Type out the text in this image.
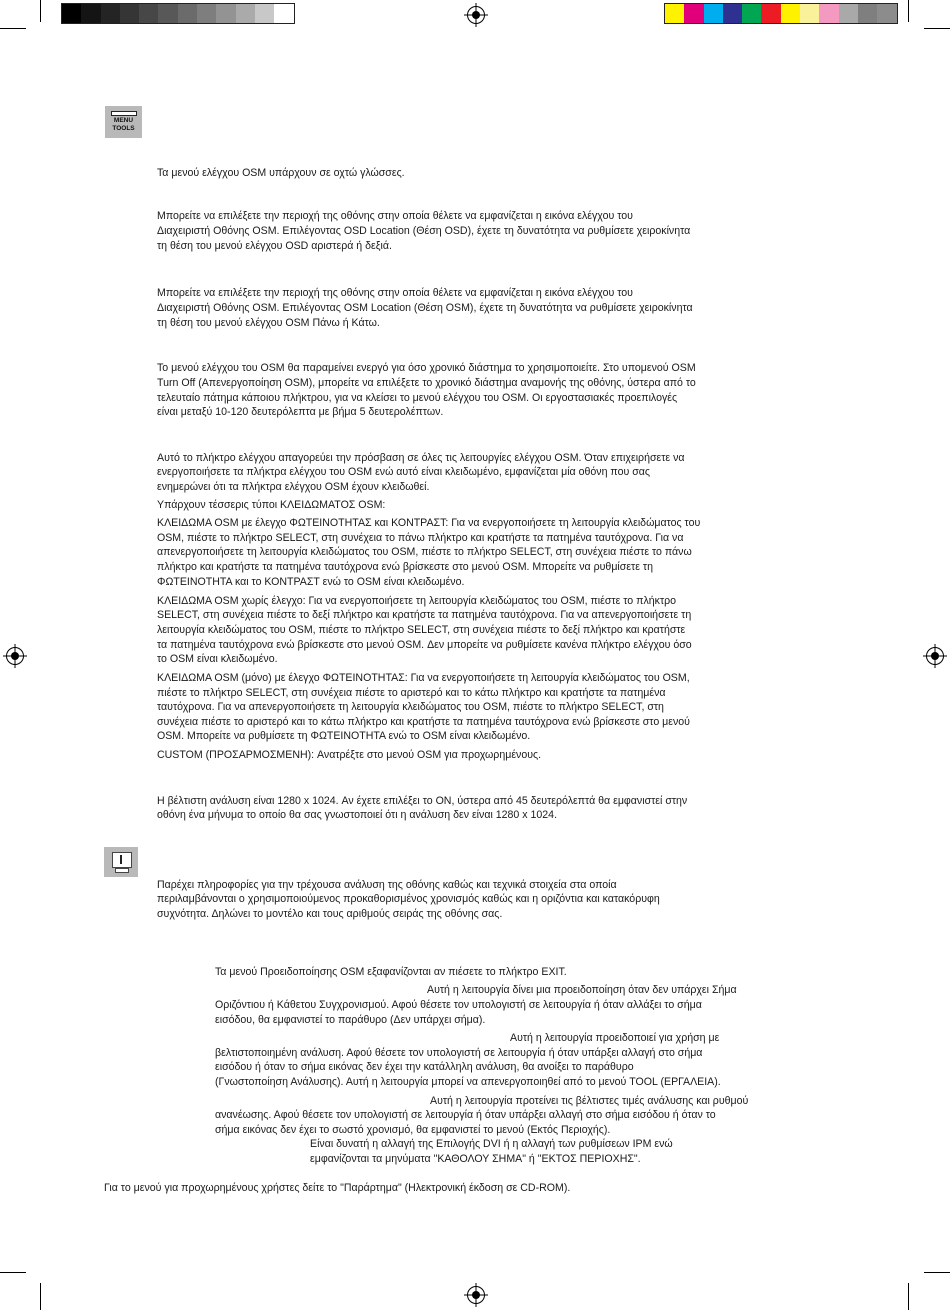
MENU
TOOLS
Τα μενού ελέγχου OSM υπάρχουν σε οχτώ γλώσσες.
Μπορείτε να επιλέξετε την περιοχή της οθόνης στην οποία θέλετε να εμφανίζεται η εικόνα ελέγχου του
Διαχειριστή Οθόνης OSM. Επιλέγοντας OSD Location (Θέση OSD), έχετε τη δυνατότητα να ρυθμίσετε χειροκίνητα
τη θέση του μενού ελέγχου OSD αριστερά ή δεξιά.
Μπορείτε να επιλέξετε την περιοχή της οθόνης στην οποία θέλετε να εμφανίζεται η εικόνα ελέγχου του
Διαχειριστή Οθόνης OSM. Επιλέγοντας OSM Location (Θέση OSM), έχετε τη δυνατότητα να ρυθμίσετε χειροκίνητα
τη θέση του μενού ελέγχου OSM Πάνω ή Κάτω.
Το μενού ελέγχου του OSM θα παραμείνει ενεργό για όσο χρονικό διάστημα το χρησιμοποιείτε. Στο υπομενού OSM
Turn Off (Απενεργοποίηση OSM), μπορείτε να επιλέξετε το χρονικό διάστημα αναμονής της οθόνης, ύστερα από το
τελευταίο πάτημα κάποιου πλήκτρου, για να κλείσει το μενού ελέγχου του OSM. Οι εργοστασιακές προεπιλογές
είναι μεταξύ 10-120 δευτερόλεπτα με βήμα 5 δευτερολέπτων.
Αυτό το πλήκτρο ελέγχου απαγορεύει την πρόσβαση σε όλες τις λειτουργίες ελέγχου OSM. Όταν επιχειρήσετε να
ενεργοποιήσετε τα πλήκτρα ελέγχου του OSM ενώ αυτό είναι κλειδωμένο, εμφανίζεται μία οθόνη που σας
ενημερώνει ότι τα πλήκτρα ελέγχου OSM έχουν κλειδωθεί.
Υπάρχουν τέσσερις τύποι ΚΛΕΙΔΩΜΑΤΟΣ OSM:
ΚΛΕΙΔΩΜΑ OSM με έλεγχο ΦΩΤΕΙΝΟΤΗΤΑΣ και ΚΟΝΤΡΑΣΤ: Για να ενεργοποιήσετε τη λειτουργία κλειδώματος του
OSM, πιέστε το πλήκτρο SELECT, στη συνέχεια το πάνω πλήκτρο και κρατήστε τα πατημένα ταυτόχρονα. Για να
απενεργοποιήσετε τη λειτουργία κλειδώματος του OSM, πιέστε το πλήκτρο SELECT, στη συνέχεια πιέστε το πάνω
πλήκτρο και κρατήστε τα πατημένα ταυτόχρονα ενώ βρίσκεστε στο μενού OSM. Μπορείτε να ρυθμίσετε τη
ΦΩΤΕΙΝΟΤΗΤΑ και το ΚΟΝΤΡΑΣΤ ενώ το OSM είναι κλειδωμένο.
ΚΛΕΙΔΩΜΑ OSM χωρίς έλεγχο: Για να ενεργοποιήσετε τη λειτουργία κλειδώματος του OSM, πιέστε το πλήκτρο
SELECT, στη συνέχεια πιέστε το δεξί πλήκτρο και κρατήστε τα πατημένα ταυτόχρονα. Για να απενεργοποιήσετε τη
λειτουργία κλειδώματος του OSM, πιέστε το πλήκτρο SELECT, στη συνέχεια πιέστε το δεξί πλήκτρο και κρατήστε
τα πατημένα ταυτόχρονα ενώ βρίσκεστε στο μενού OSM. Δεν μπορείτε να ρυθμίσετε κανένα πλήκτρο ελέγχου όσο
το OSM είναι κλειδωμένο.
ΚΛΕΙΔΩΜΑ OSM (μόνο) με έλεγχο ΦΩΤΕΙΝΟΤΗΤΑΣ: Για να ενεργοποιήσετε τη λειτουργία κλειδώματος του OSM,
πιέστε το πλήκτρο SELECT, στη συνέχεια πιέστε το αριστερό και το κάτω πλήκτρο και κρατήστε τα πατημένα
ταυτόχρονα. Για να απενεργοποιήσετε τη λειτουργία κλειδώματος του OSM, πιέστε το πλήκτρο SELECT, στη
συνέχεια πιέστε το αριστερό και το κάτω πλήκτρο και κρατήστε τα πατημένα ταυτόχρονα ενώ βρίσκεστε στο μενού
OSM. Μπορείτε να ρυθμίσετε τη ΦΩΤΕΙΝΟΤΗΤΑ ενώ το OSM είναι κλειδωμένο.
CUSTOM (ΠΡΟΣΑΡΜΟΣΜΕΝΗ): Ανατρέξτε στο μενού OSM για προχωρημένους.
Η βέλτιστη ανάλυση είναι 1280 x 1024. Αν έχετε επιλέξει το ON, ύστερα από 45 δευτερόλεπτά θα εμφανιστεί στην
οθόνη ένα μήνυμα το οποίο θα σας γνωστοποιεί ότι η ανάλυση δεν είναι 1280 x 1024.
Παρέχει πληροφορίες για την τρέχουσα ανάλυση της οθόνης καθώς και τεχνικά στοιχεία στα οποία
περιλαμβάνονται ο χρησιμοποιούμενος προκαθορισμένος χρονισμός καθώς και η οριζόντια και κατακόρυφη
συχνότητα. Δηλώνει το μοντέλο και τους αριθμούς σειράς της οθόνης σας.
Τα μενού Προειδοποίησης OSM εξαφανίζονται αν πιέσετε το πλήκτρο EXIT.
Αυτή η λειτουργία δίνει μια προειδοποίηση όταν δεν υπάρχει Σήμα
Οριζόντιου ή Κάθετου Συγχρονισμού. Αφού θέσετε τον υπολογιστή σε λειτουργία ή όταν αλλάξει το σήμα
εισόδου, θα εμφανιστεί το παράθυρο (Δεν υπάρχει σήμα).
Αυτή η λειτουργία προειδοποιεί για χρήση με
βελτιστοποιημένη ανάλυση. Αφού θέσετε τον υπολογιστή σε λειτουργία ή όταν υπάρξει αλλαγή στο σήμα
εισόδου ή όταν το σήμα εικόνας δεν έχει την κατάλληλη ανάλυση, θα ανοίξει το παράθυρο
(Γνωστοποίηση Ανάλυσης). Αυτή η λειτουργία μπορεί να απενεργοποιηθεί από το μενού TOOL (ΕΡΓΑΛΕΙΑ).
Αυτή η λειτουργία προτείνει τις βέλτιστες τιμές ανάλυσης και ρυθμού
ανανέωσης. Αφού θέσετε τον υπολογιστή σε λειτουργία ή όταν υπάρξει αλλαγή στο σήμα εισόδου ή όταν το
σήμα εικόνας δεν έχει το σωστό χρονισμό, θα εμφανιστεί το μενού (Εκτός Περιοχής).
Είναι δυνατή η αλλαγή της Επιλογής DVI ή η αλλαγή των ρυθμίσεων IPM ενώ
εμφανίζονται τα μηνύματα "ΚΑΘΟΛΟΥ ΣΗΜΑ" ή "ΕΚΤΟΣ ΠΕΡΙΟΧΗΣ".
Για το μενού για προχωρημένους χρήστες δείτε το "Παράρτημα" (Ηλεκτρονική έκδοση σε CD-ROM).
